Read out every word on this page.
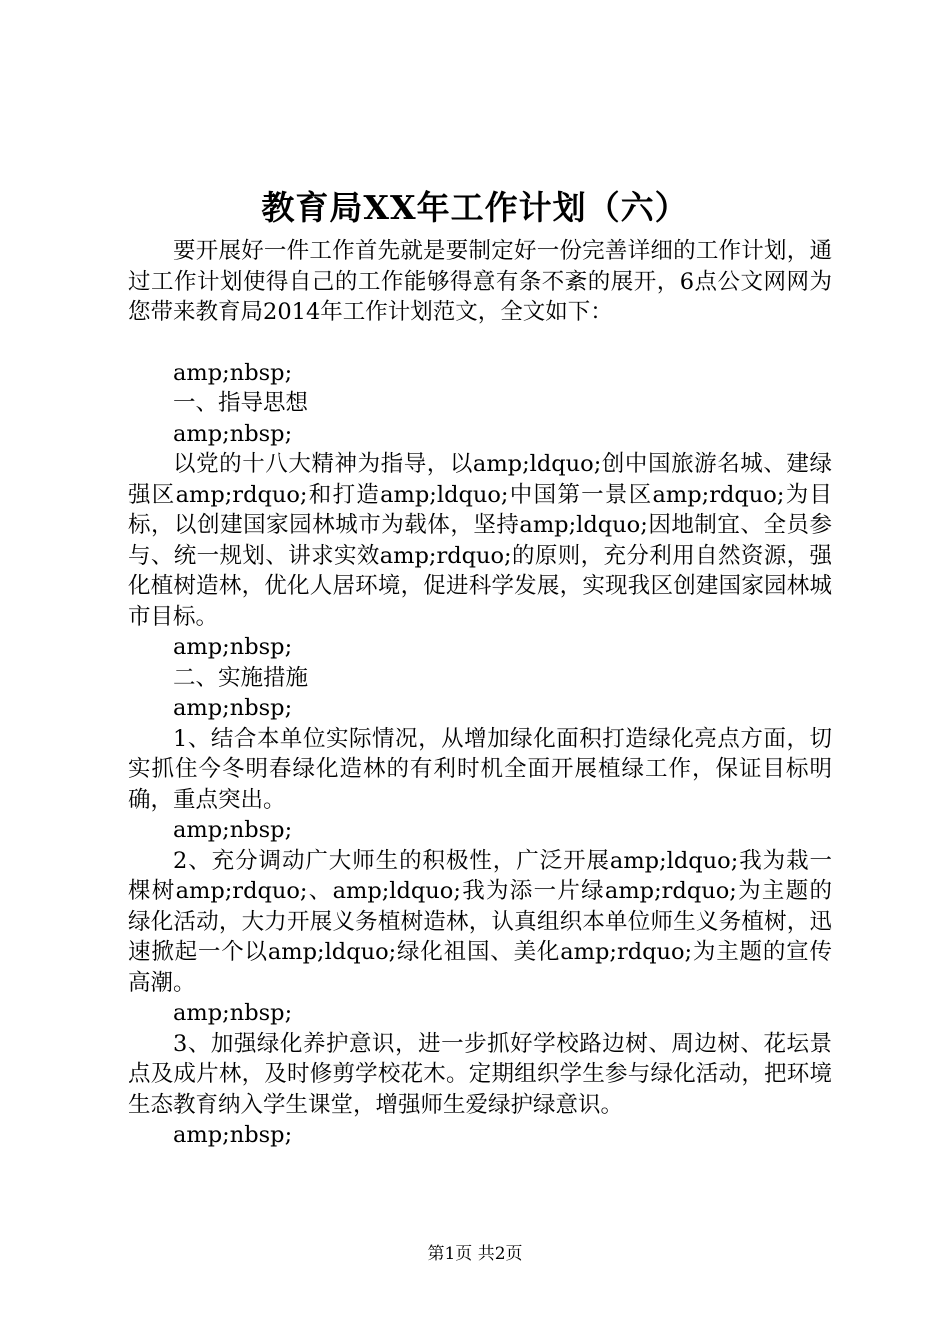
教育局XX年工作计划（六）

要开展好一件工作首先就是要制定好一份完善详细的工作计划，通过工作计划使得自己的工作能够得意有条不紊的展开，6点公文网网为您带来教育局2014年工作计划范文，全文如下：

amp;nbsp;

一、指导思想

amp;nbsp;

以党的十八大精神为指导，以amp;ldquo;创中国旅游名城、建绿强区amp;rdquo;和打造amp;ldquo;中国第一景区amp;rdquo;为目标，以创建国家园林城市为载体，坚持amp;ldquo;因地制宜、全员参与、统一规划、讲求实效amp;rdquo;的原则，充分利用自然资源，强化植树造林，优化人居环境，促进科学发展，实现我区创建国家园林城市目标。

amp;nbsp;

二、实施措施

amp;nbsp;

1、结合本单位实际情况，从增加绿化面积打造绿化亮点方面，切实抓住今冬明春绿化造林的有利时机全面开展植绿工作，保证目标明确，重点突出。

amp;nbsp;

2、充分调动广大师生的积极性，广泛开展amp;ldquo;我为栽一棵树amp;rdquo;、amp;ldquo;我为添一片绿amp;rdquo;为主题的绿化活动，大力开展义务植树造林，认真组织本单位师生义务植树，迅速掀起一个以amp;ldquo;绿化祖国、美化amp;rdquo;为主题的宣传高潮。

amp;nbsp;

3、加强绿化养护意识，进一步抓好学校路边树、周边树、花坛景点及成片林，及时修剪学校花木。定期组织学生参与绿化活动，把环境生态教育纳入学生课堂，增强师生爱绿护绿意识。

amp;nbsp;

第1页 共2页
